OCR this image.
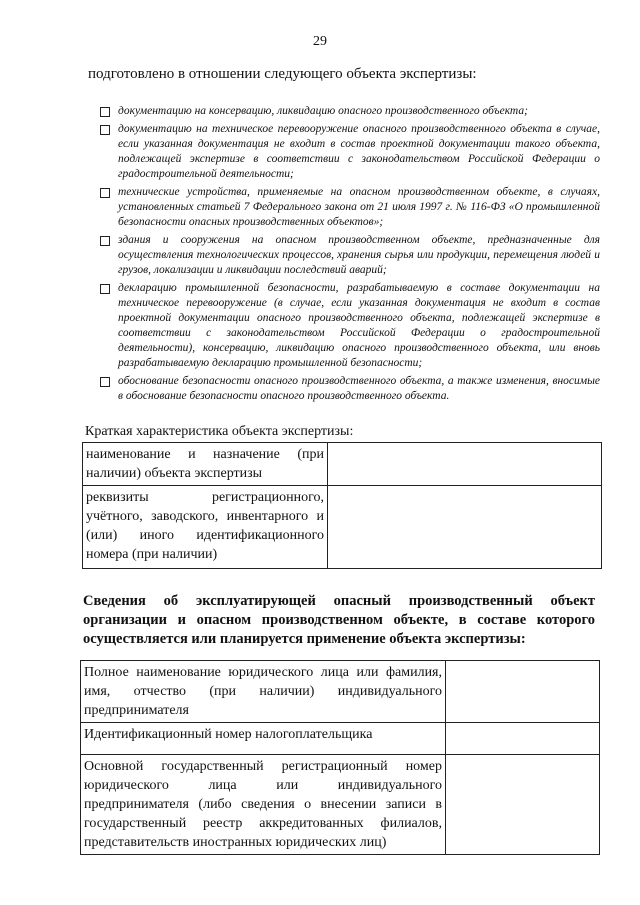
29
подготовлено в отношении следующего объекта экспертизы:
документацию на консервацию, ликвидацию опасного производственного объекта;
документацию на техническое перевооружение опасного производственного объекта в случае, если указанная документация не входит в состав проектной документации такого объекта, подлежащей экспертизе в соответствии с законодательством Российской Федерации о градостроительной деятельности;
технические устройства, применяемые на опасном производственном объекте, в случаях, установленных статьей 7 Федерального закона от 21 июля 1997 г. № 116-ФЗ «О промышленной безопасности опасных производственных объектов»;
здания и сооружения на опасном производственном объекте, предназначенные для осуществления технологических процессов, хранения сырья или продукции, перемещения людей и грузов, локализации и ликвидации последствий аварий;
декларацию промышленной безопасности, разрабатываемую в составе документации на техническое перевооружение (в случае, если указанная документация не входит в состав проектной документации опасного производственного объекта, подлежащей экспертизе в соответствии с законодательством Российской Федерации о градостроительной деятельности), консервацию, ликвидацию опасного производственного объекта, или вновь разрабатываемую декларацию промышленной безопасности;
обоснование безопасности опасного производственного объекта, а также изменения, вносимые в обоснование безопасности опасного производственного объекта.
Краткая характеристика объекта экспертизы:
наименование и назначение (при наличии) объекта экспертизы	
реквизиты регистрационного, учётного, заводского, инвентарного и (или) иного идентификационного номера (при наличии)	
Сведения об эксплуатирующей опасный производственный объект организации и опасном производственном объекте, в составе которого осуществляется или планируется применение объекта экспертизы:
Полное наименование юридического лица или фамилия, имя, отчество (при наличии) индивидуального предпринимателя	
Идентификационный номер налогоплательщика	
Основной государственный регистрационный номер юридического лица или индивидуального предпринимателя (либо сведения о внесении записи в государственный реестр аккредитованных филиалов, представительств иностранных юридических лиц)	
